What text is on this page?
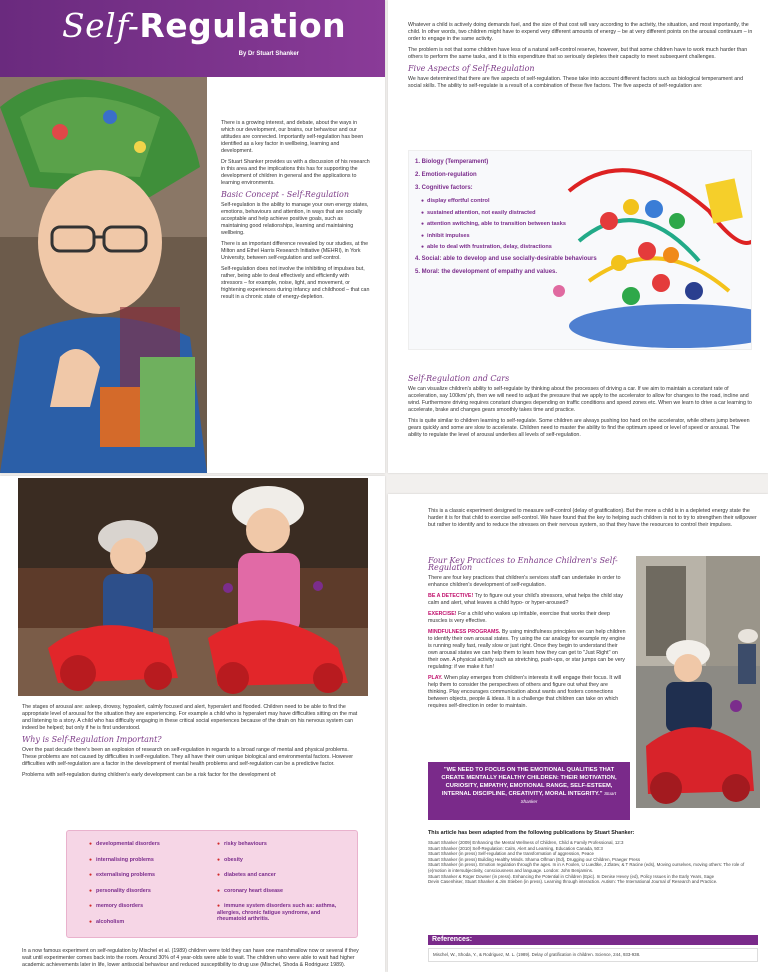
Self-Regulation
By Dr Stuart Shanker

There is a growing interest, and debate, about the ways in which our development, our brains, our behaviour and our attitudes are connected. Importantly self-regulation has been identified as a key factor in wellbeing, learning and development.

Dr Stuart Shanker provides us with a discussion of his research in this area and the implications this has for supporting the development of children in general and the applications to learning environments.

Basic Concept - Self-Regulation

Self-regulation is the ability to manage your own energy states, emotions, behaviours and attention, in ways that are socially acceptable and help achieve positive goals, such as maintaining good relationships, learning and maintaining wellbeing.

There is an important difference revealed by our studies, at the Milton and Ethel Harris Research Initiative (MEHRI), in York University, between self-regulation and self-control.

Self-regulation does not involve the inhibiting of impulses but, rather, being able to deal effectively and efficiently with stressors – for example, noise, light, and movement, or frightening experiences during infancy and childhood – that can result in a chronic state of energy-depletion.

Whatever a child is actively doing demands fuel, and the size of that cost will vary according to the activity, the situation, and most importantly, the child. In other words, two children might have to expend very different amounts of energy – be at very different points on the arousal continuum – in order to engage in the same activity.

The problem is not that some children have less of a natural self-control reserve, however, but that some children have to work much harder than others to perform the same tasks, and it is this expenditure that so seriously depletes their capacity to meet subsequent challenges.

Five Aspects of Self-Regulation

We have determined that there are five aspects of self-regulation. These take into account different factors such as biological temperament and social skills. The ability to self-regulate is a result of a combination of these five factors. The five aspects of self-regulation are:

1. Biology (Temperament)
2. Emotion-regulation
3. Cognitive factors:
● display effortful control
● sustained attention, not easily distracted
● attention switching, able to transition between tasks
● inhibit impulses
● able to deal with frustration, delay, distractions
4. Social: able to develop and use socially-desirable behaviours
5. Moral: the development of empathy and values.
Self-Regulation and Cars

We can visualize children's ability to self-regulate by thinking about the processes of driving a car. If we aim to maintain a constant rate of acceleration, say 100km/ ph, then we will need to adjust the pressure that we apply to the accelerator to allow for changes to the road, incline and wind. Furthermore driving requires constant changes depending on traffic conditions and speed zones etc. When we learn to drive a car learning to accelerate, brake and changes gears smoothly takes time and practice.

This is quite similar to children learning to self-regulate. Some children are always pushing too hard on the accelerator, while others jump between gears quickly and some are slow to accelerate. Children need to master the ability to find the optimum speed or level of speed or arousal. The ability to regulate the level of arousal underlies all levels of self-regulation.

The stages of arousal are: asleep, drowsy, hypoalert, calmly focused and alert, hyperalert and flooded. Children need to be able to find the appropriate level of arousal for the situation they are experiencing. For example a child who is hyperalert may have difficulties sitting on the mat and listening to a story. A child who has difficulty engaging in these critical social experiences because of the drain on his nervous system can indeed be helped; but only if he is first understood.

Why is Self-Regulation Important?

Over the past decade there's been an explosion of research on self-regulation in regards to a broad range of mental and physical problems. These problems are not caused by difficulties in self-regulation. They all have their own unique biological and environmental factors. However difficulties with self-regulation are a factor in the development of mental health problems and self-regulation can be a predictive factor.

Problems with self-regulation during children's early development can be a risk factor for the development of:

● developmental disorders
● internalising problems
● externalising problems
● personality disorders
● memory disorders
● alcoholism
● risky behaviours
● obesity
● diabetes and cancer
● coronary heart disease
● immune system disorders such as: asthma, allergies, chronic fatigue syndrome, and rheumatoid arthritis.

In a now famous experiment on self-regulation by Mischel et al. (1989) children were told they can have one marshmallow now or several if they wait until experimenter comes back into the room. Around 30% of 4 year-olds were able to wait. The children who were able to wait had higher academic achievements later in life, lower antisocial behaviour and reduced susceptibility to drug use (Mischel, Shoda & Rodriguez 1989).

This is a classic experiment designed to measure self-control (delay of gratification). But the more a child is in a depleted energy state the harder it is for that child to exercise self-control. We have found that the key to helping such children is not to try to strengthen their willpower but rather to identify and to reduce the stresses on their nervous system, so that they have the resources to control their impulses.

Four Key Practices to Enhance Children's Self-Regulation

There are four key practices that children's services staff can undertake in order to enhance children's development of self-regulation.

BE A DETECTIVE! Try to figure out your child's stressors, what helps the child stay calm and alert, what leaves a child hypo- or hyper-aroused?

EXERCISE! For a child who wakes up irritable, exercise that works their deep muscles is very effective.

MINDFULNESS PROGRAMS. By using mindfulness principles we can help children to identify their own arousal states. Try using the car analogy for example my engine is running really fast, really slow or just right. Once they begin to understand their own arousal states we can help them to learn how they can get to "Just Right" on their own. A physical activity such as stretching, push-ups, or star jumps can be very regulating: if we make it fun!

PLAY. When play emerges from children's interests it will engage their focus. It will help them to consider the perspectives of others and figure out what they are thinking. Play encourages communication about wants and fosters connections between objects, people & ideas. It is a challenge that children can take on which requires self-direction in order to maintain.

"WE NEED TO FOCUS ON THE EMOTIONAL QUALITIES THAT CREATE MENTALLY HEALTHY CHILDREN: THEIR MOTIVATION, CURIOSITY, EMPATHY, EMOTIONAL RANGE, SELF-ESTEEM, INTERNAL DISCIPLINE, CREATIVITY, MORAL INTEGRITY." Stuart Shanker
This article has been adapted from the following publications by Stuart Shanker:
Stuart Shanker (2009) Enhancing the Mental Wellness of Children, Child & Family Professional, 12:3
Stuart Shanker (2010) Self-Regulation: Calm, Alert and Learning, Education Canada, 50:3
Stuart Shanker (in press) Self-regulation and the transformation of aggression, Peace
Stuart Shanker (in press) Building Healthy Minds. Sharna Olfman (Ed), Drugging our Children, Praeger Press
Stuart Shanker (in press). Emotion regulation through the ages. In in A Foolen, U Luedtke, J Zlatev, & T Racine (eds), Moving ourselves, moving others: The role of (e)motion in intersubjectivity, consciousness and language. London: John Benjamins.
Stuart Shanker & Roger Downer (in press). Enhancing the Potential in Children (Epic). In Denise Hevey (ed), Policy Issues in the Early Years, Sage
Devin Casenhiser, Stuart Shanker & Jim Stieben (in press). Learning through interaction. Autism: The International Journal of Research and Practice.
References:
Mischel, W., Shoda, Y., & Rodriguez, M. L. (1989). Delay of gratification in children. Science, 244, 933-938.
